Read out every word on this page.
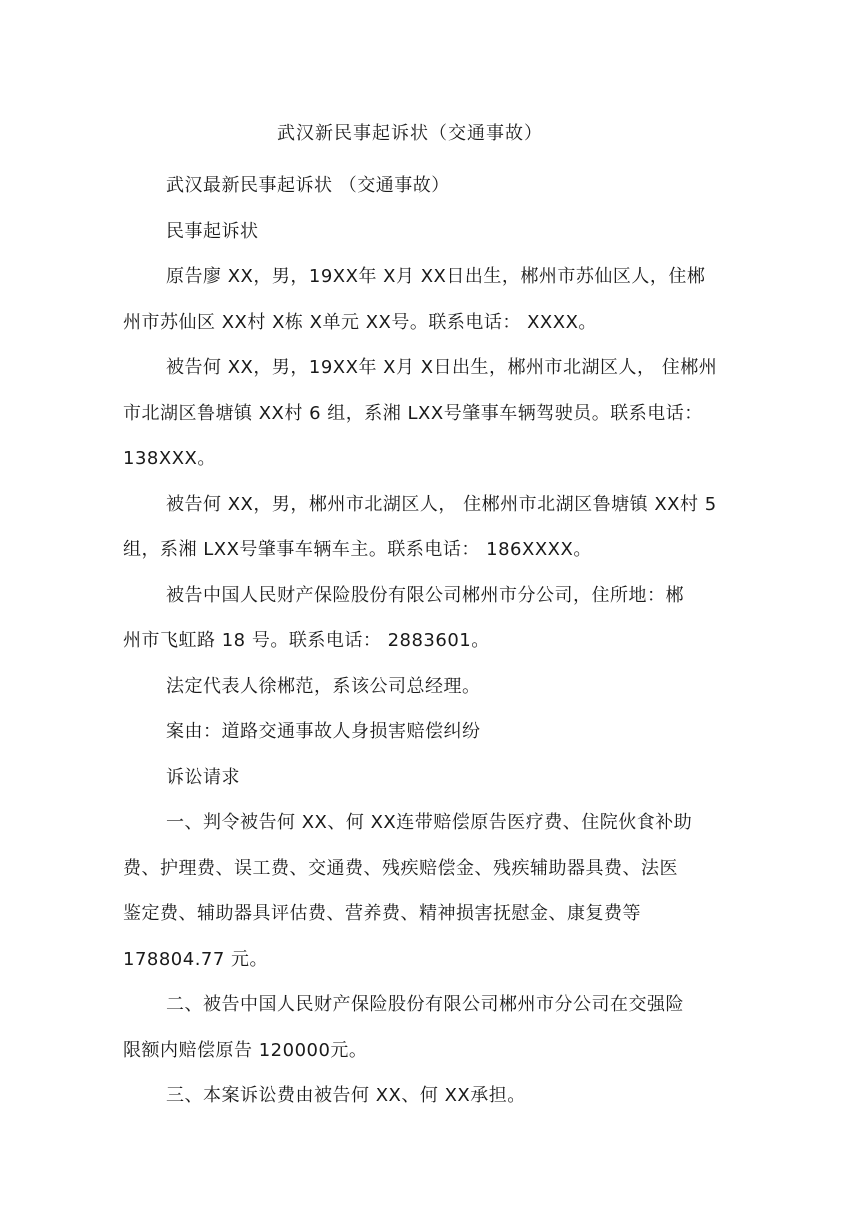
武汉新民事起诉状（交通事故）
武汉最新民事起诉状 （交通事故）
民事起诉状
原告廖 XX，男，19XX年 X月 XX日出生，郴州市苏仙区人，住郴
州市苏仙区 XX村 X栋 X单元 XX号。联系电话： XXXX。
被告何 XX，男，19XX年 X月 X日出生，郴州市北湖区人， 住郴州
市北湖区鲁塘镇 XX村 6 组，系湘 LXX号肇事车辆驾驶员。联系电话：
138XXX。
被告何 XX，男，郴州市北湖区人， 住郴州市北湖区鲁塘镇 XX村 5
组，系湘 LXX号肇事车辆车主。联系电话： 186XXXX。
被告中国人民财产保险股份有限公司郴州市分公司，住所地：郴
州市飞虹路 18 号。联系电话： 2883601。
法定代表人徐郴范，系该公司总经理。
案由：道路交通事故人身损害赔偿纠纷
诉讼请求
一、判令被告何 XX、何 XX连带赔偿原告医疗费、住院伙食补助
费、护理费、误工费、交通费、残疾赔偿金、残疾辅助器具费、法医
鉴定费、辅助器具评估费、营养费、精神损害抚慰金、康复费等
178804.77 元。
二、被告中国人民财产保险股份有限公司郴州市分公司在交强险
限额内赔偿原告 120000元。
三、本案诉讼费由被告何 XX、何 XX承担。
